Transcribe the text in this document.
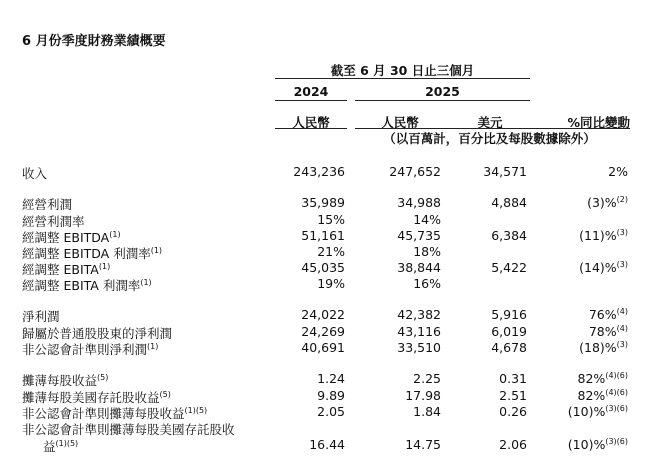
6 月份季度財務業績概要
截至 6 月 30 日止三個月
2024	2025
人民幣	人民幣	美元	%同比變動
（以百萬計，百分比及每股數據除外）
收入	243,236	247,652	34,571	2%
經營利潤	35,989	34,988	4,884	(3)%$^{(2)}$
經營利潤率	15%	14%
經調整 EBITDA$^{(1)}$	51,161	45,735	6,384	(11)%$^{(3)}$
經調整 EBITDA 利潤率$^{(1)}$	21%	18%
經調整 EBITA$^{(1)}$	45,035	38,844	5,422	(14)%$^{(3)}$
經調整 EBITA 利潤率$^{(1)}$	19%	16%
淨利潤	24,022	42,382	5,916	76%$^{(4)}$
歸屬於普通股股東的淨利潤	24,269	43,116	6,019	78%$^{(4)}$
非公認會計準則淨利潤$^{(1)}$	40,691	33,510	4,678	(18)%$^{(3)}$
攤薄每股收益$^{(5)}$	1.24	2.25	0.31	82%$^{(4)(6)}$
攤薄每股美國存託股收益$^{(5)}$	9.89	17.98	2.51	82%$^{(4)(6)}$
非公認會計準則攤薄每股收益$^{(1)(5)}$	2.05	1.84	0.26	(10)%$^{(3)(6)}$
非公認會計準則攤薄每股美國存託股收
益$^{(1)(5)}$	16.44	14.75	2.06	(10)%$^{(3)(6)}$
